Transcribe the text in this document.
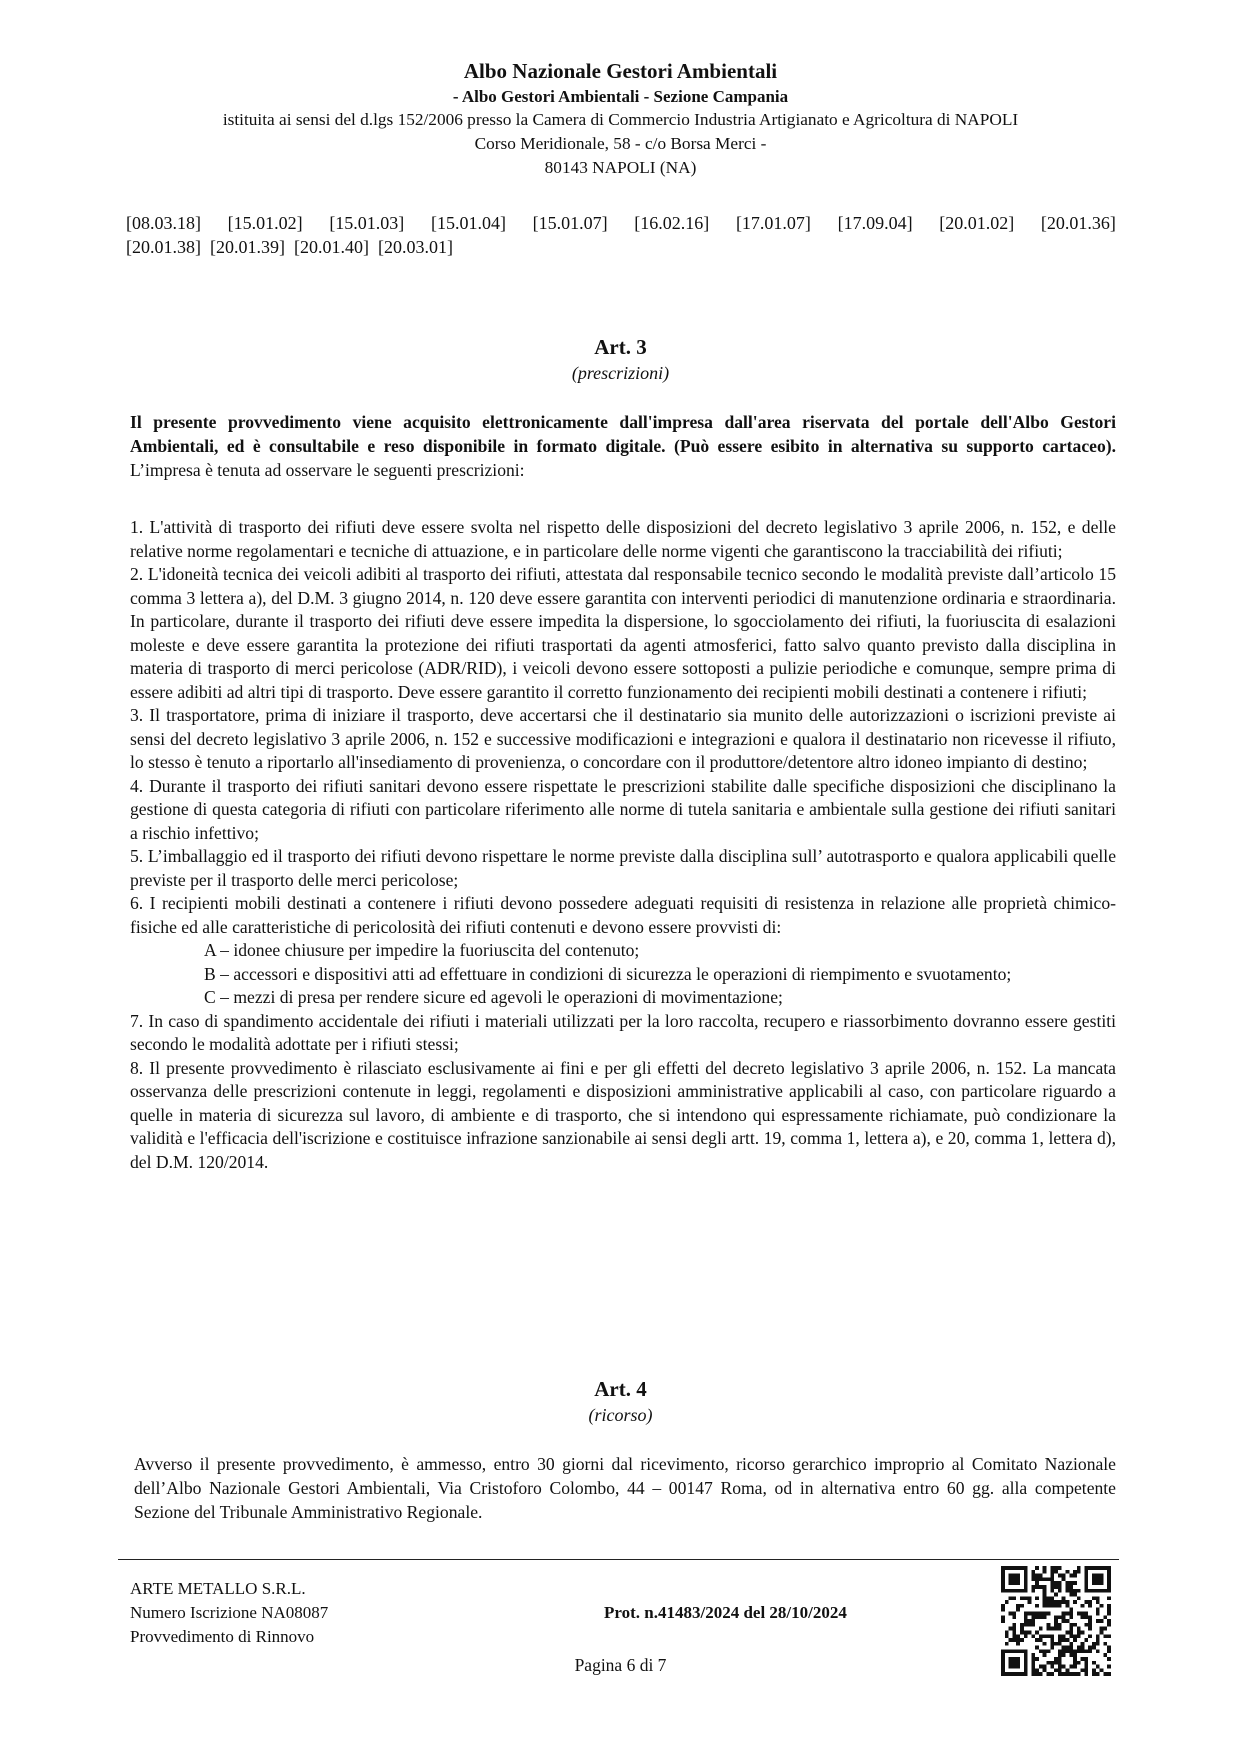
Albo Nazionale Gestori Ambientali
- Albo Gestori Ambientali - Sezione Campania
istituita ai sensi del d.lgs 152/2006 presso la Camera di Commercio Industria Artigianato e Agricoltura di NAPOLI
Corso Meridionale, 58 - c/o Borsa Merci -
80143 NAPOLI (NA)
[08.03.18] [15.01.02] [15.01.03] [15.01.04] [15.01.07] [16.02.16] [17.01.07] [17.09.04] [20.01.02] [20.01.36]
[20.01.38] [20.01.39] [20.01.40] [20.03.01]
Art. 3
(prescrizioni)
Il presente provvedimento viene acquisito elettronicamente dall'impresa dall'area riservata del portale dell'Albo Gestori Ambientali, ed è consultabile e reso disponibile in formato digitale. (Può essere esibito in alternativa su supporto cartaceo). L’impresa è tenuta ad osservare le seguenti prescrizioni:

1. L'attività di trasporto dei rifiuti deve essere svolta nel rispetto delle disposizioni del decreto legislativo 3 aprile 2006, n. 152, e delle relative norme regolamentari e tecniche di attuazione, e in particolare delle norme vigenti che garantiscono la tracciabilità dei rifiuti;

2. L'idoneità tecnica dei veicoli adibiti al trasporto dei rifiuti, attestata dal responsabile tecnico secondo le modalità previste dall’articolo 15 comma 3 lettera a), del D.M. 3 giugno 2014, n. 120 deve essere garantita con interventi periodici di manutenzione ordinaria e straordinaria. In particolare, durante il trasporto dei rifiuti deve essere impedita la dispersione, lo sgocciolamento dei rifiuti, la fuoriuscita di esalazioni moleste e deve essere garantita la protezione dei rifiuti trasportati da agenti atmosferici, fatto salvo quanto previsto dalla disciplina in materia di trasporto di merci pericolose (ADR/RID), i veicoli devono essere sottoposti a pulizie periodiche e comunque, sempre prima di essere adibiti ad altri tipi di trasporto. Deve essere garantito il corretto funzionamento dei recipienti mobili destinati a contenere i rifiuti;

3. Il trasportatore, prima di iniziare il trasporto, deve accertarsi che il destinatario sia munito delle autorizzazioni o iscrizioni previste ai sensi del decreto legislativo 3 aprile 2006, n. 152 e successive modificazioni e integrazioni e qualora il destinatario non ricevesse il rifiuto, lo stesso è tenuto a riportarlo all'insediamento di provenienza, o concordare con il produttore/detentore altro idoneo impianto di destino;

4. Durante il trasporto dei rifiuti sanitari devono essere rispettate le prescrizioni stabilite dalle specifiche disposizioni che disciplinano la gestione di questa categoria di rifiuti con particolare riferimento alle norme di tutela sanitaria e ambientale sulla gestione dei rifiuti sanitari a rischio infettivo;

5. L’imballaggio ed il trasporto dei rifiuti devono rispettare le norme previste dalla disciplina sull’ autotrasporto e qualora applicabili quelle previste per il trasporto delle merci pericolose;

6. I recipienti mobili destinati a contenere i rifiuti devono possedere adeguati requisiti di resistenza in relazione alle proprietà chimico-fisiche ed alle caratteristiche di pericolosità dei rifiuti contenuti e devono essere provvisti di:

A – idonee chiusure per impedire la fuoriuscita del contenuto;

B – accessori e dispositivi atti ad effettuare in condizioni di sicurezza le operazioni di riempimento e svuotamento;

C – mezzi di presa per rendere sicure ed agevoli le operazioni di movimentazione;

7. In caso di spandimento accidentale dei rifiuti i materiali utilizzati per la loro raccolta, recupero e riassorbimento dovranno essere gestiti secondo le modalità adottate per i rifiuti stessi;

8. Il presente provvedimento è rilasciato esclusivamente ai fini e per gli effetti del decreto legislativo 3 aprile 2006, n. 152. La mancata osservanza delle prescrizioni contenute in leggi, regolamenti e disposizioni amministrative applicabili al caso, con particolare riguardo a quelle in materia di sicurezza sul lavoro, di ambiente e di trasporto, che si intendono qui espressamente richiamate, può condizionare la validità e l'efficacia dell'iscrizione e costituisce infrazione sanzionabile ai sensi degli artt. 19, comma 1, lettera a), e 20, comma 1, lettera d), del D.M. 120/2014.

Art. 4
(ricorso)
Avverso il presente provvedimento, è ammesso, entro 30 giorni dal ricevimento, ricorso gerarchico improprio al Comitato Nazionale dell’Albo Nazionale Gestori Ambientali, Via Cristoforo Colombo, 44 – 00147 Roma, od in alternativa entro 60 gg. alla competente Sezione del Tribunale Amministrativo Regionale.
ARTE METALLO S.R.L.
Numero Iscrizione NA08087
Provvedimento di Rinnovo
Prot. n.41483/2024 del 28/10/2024
Pagina 6 di 7
